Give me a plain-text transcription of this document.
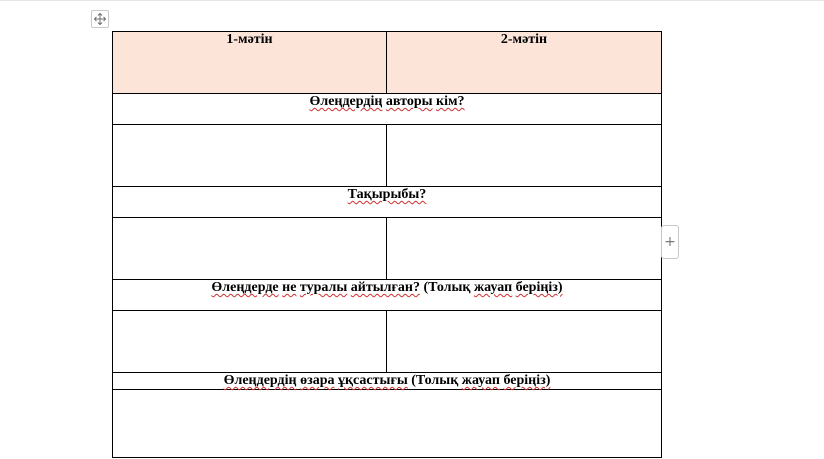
1-мәтін	2-мәтін
Өлеңдердің авторы кім?	

Тақырыбы?	

Өлеңдерде не туралы айтылған? (Толық жауап беріңіз)	

Өлеңдердің өзара ұқсастығы (Толық жауап беріңіз)	

+
